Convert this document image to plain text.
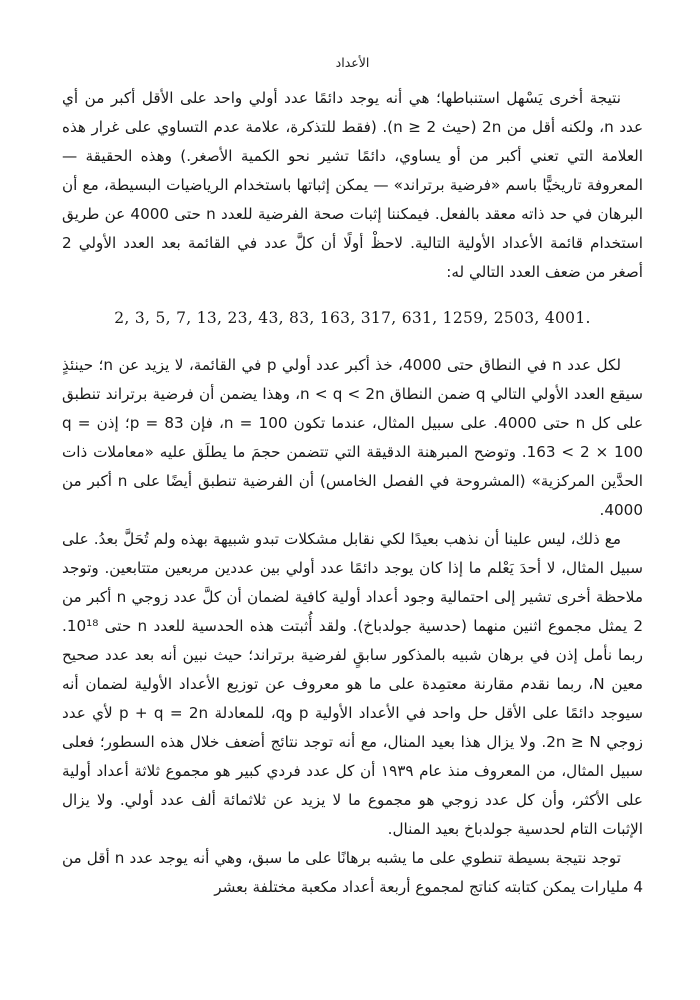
الأعداد

نتيجة أخرى يَسْهل استنباطها؛ هي أنه يوجد دائمًا عدد أولي واحد على الأقل أكبر من أي عدد n، ولكنه أقل من 2n (حيث n ≥ 2). (فقط للتذكرة، علامة عدم التساوي على غرار هذه العلامة التي تعني أكبر من أو يساوي، دائمًا تشير نحو الكمية الأصغر.) وهذه الحقيقة — المعروفة تاريخيًّا باسم «فرضية برتراند» — يمكن إثباتها باستخدام الرياضيات البسيطة، مع أن البرهان في حد ذاته معقد بالفعل. فيمكننا إثبات صحة الفرضية للعدد n حتى 4000 عن طريق استخدام قائمة الأعداد الأولية التالية. لاحظْ أولًا أن كلَّ عدد في القائمة بعد العدد الأولي 2 أصغر من ضعف العدد التالي له:

2, 3, 5, 7, 13, 23, 43, 83, 163, 317, 631, 1259, 2503, 4001.

لكل عدد n في النطاق حتى 4000، خذ أكبر عدد أولي p في القائمة، لا يزيد عن n؛ حينئذٍ سيقع العدد الأولي التالي q ضمن النطاق n < q < 2n، وهذا يضمن أن فرضية برتراند تنطبق على كل n حتى 4000. على سبيل المثال، عندما تكون n = 100، فإن p = 83؛ إذن q = 163 < 2 × 100. وتوضح المبرهنة الدقيقة التي تتضمن حجمَ ما يطلَق عليه «معاملات ذات الحدَّين المركزية» (المشروحة في الفصل الخامس) أن الفرضية تنطبق أيضًا على n أكبر من 4000.

مع ذلك، ليس علينا أن نذهب بعيدًا لكي نقابل مشكلات تبدو شبيهة بهذه ولم تُحَلَّ بعدُ. على سبيل المثال، لا أحدَ يَعْلم ما إذا كان يوجد دائمًا عدد أولي بين عددين مربعين متتابعين. وتوجد ملاحظة أخرى تشير إلى احتمالية وجود أعداد أولية كافية لضمان أن كلَّ عدد زوجي n أكبر من 2 يمثل مجموع اثنين منهما (حدسية جولدباخ). ولقد أُثبتت هذه الحدسية للعدد n حتى 10¹⁸. ربما نأمل إذن في برهان شبيه بالمذكور سابقٍ لفرضية برتراند؛ حيث نبين أنه بعد عدد صحيح معين N، ربما نقدم مقارنة معتمِدة على ما هو معروف عن توزيع الأعداد الأولية لضمان أنه سيوجد دائمًا على الأقل حل واحد في الأعداد الأولية p وq، للمعادلة p + q = 2n لأي عدد زوجي 2n ≥ N. ولا يزال هذا بعيد المنال، مع أنه توجد نتائج أضعف خلال هذه السطور؛ فعلى سبيل المثال، من المعروف منذ عام ١٩٣٩ أن كل عدد فردي كبير هو مجموع ثلاثة أعداد أولية على الأكثر، وأن كل عدد زوجي هو مجموع ما لا يزيد عن ثلاثمائة ألف عدد أولي. ولا يزال الإثبات التام لحدسية جولدباخ بعيد المنال.

توجد نتيجة بسيطة تنطوي على ما يشبه برهانًا على ما سبق، وهي أنه يوجد عدد n أقل من 4 مليارات يمكن كتابته كناتج لمجموع أربعة أعداد مكعبة مختلفة بعشر
